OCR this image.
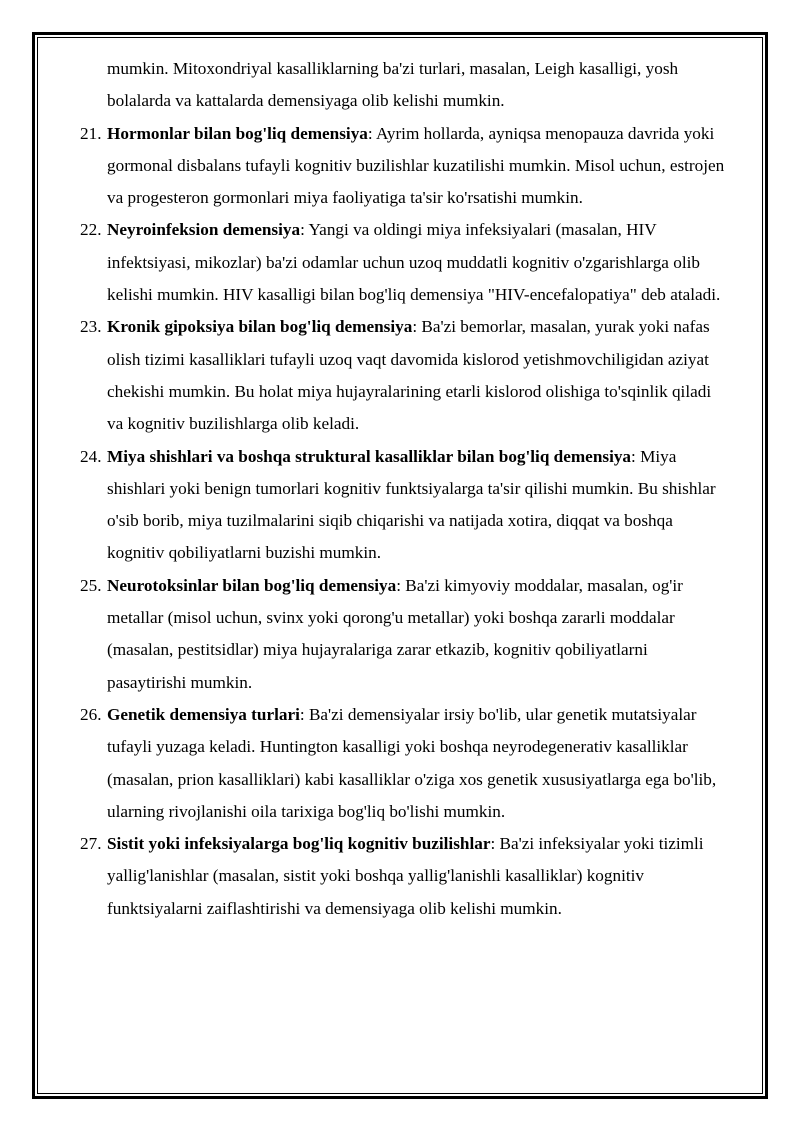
mumkin. Mitoxondriyal kasalliklarning ba'zi turlari, masalan, Leigh kasalligi, yosh bolalarda va kattalarda demensiyaga olib kelishi mumkin.

21. Hormonlar bilan bog'liq demensiya: Ayrim hollarda, ayniqsa menopauza davrida yoki gormonal disbalans tufayli kognitiv buzilishlar kuzatilishi mumkin. Misol uchun, estrojen va progesteron gormonlari miya faoliyatiga ta'sir ko'rsatishi mumkin.

22. Neyroinfeksion demensiya: Yangi va oldingi miya infeksiyalari (masalan, HIV infektsiyasi, mikozlar) ba'zi odamlar uchun uzoq muddatli kognitiv o'zgarishlarga olib kelishi mumkin. HIV kasalligi bilan bog'liq demensiya "HIV-encefalopatiya" deb ataladi.

23. Kronik gipoksiya bilan bog'liq demensiya: Ba'zi bemorlar, masalan, yurak yoki nafas olish tizimi kasalliklari tufayli uzoq vaqt davomida kislorod yetishmovchiligidan aziyat chekishi mumkin. Bu holat miya hujayralarining etarli kislorod olishiga to'sqinlik qiladi va kognitiv buzilishlarga olib keladi.

24. Miya shishlari va boshqa struktural kasalliklar bilan bog'liq demensiya: Miya shishlari yoki benign tumorlari kognitiv funktsiyalarga ta'sir qilishi mumkin. Bu shishlar o'sib borib, miya tuzilmalarini siqib chiqarishi va natijada xotira, diqqat va boshqa kognitiv qobiliyatlarni buzishi mumkin.

25. Neurotoksinlar bilan bog'liq demensiya: Ba'zi kimyoviy moddalar, masalan, og'ir metallar (misol uchun, svinx yoki qorong'u metallar) yoki boshqa zararli moddalar (masalan, pestitsidlar) miya hujayralariga zarar etkazib, kognitiv qobiliyatlarni pasaytirishi mumkin.

26. Genetik demensiya turlari: Ba'zi demensiyalar irsiy bo'lib, ular genetik mutatsiyalar tufayli yuzaga keladi. Huntington kasalligi yoki boshqa neyrodegenerativ kasalliklar (masalan, prion kasalliklari) kabi kasalliklar o'ziga xos genetik xususiyatlarga ega bo'lib, ularning rivojlanishi oila tarixiga bog'liq bo'lishi mumkin.

27. Sistit yoki infeksiyalarga bog'liq kognitiv buzilishlar: Ba'zi infeksiyalar yoki tizimli yallig'lanishlar (masalan, sistit yoki boshqa yallig'lanishli kasalliklar) kognitiv funktsiyalarni zaiflashtirishi va demensiyaga olib kelishi mumkin.
